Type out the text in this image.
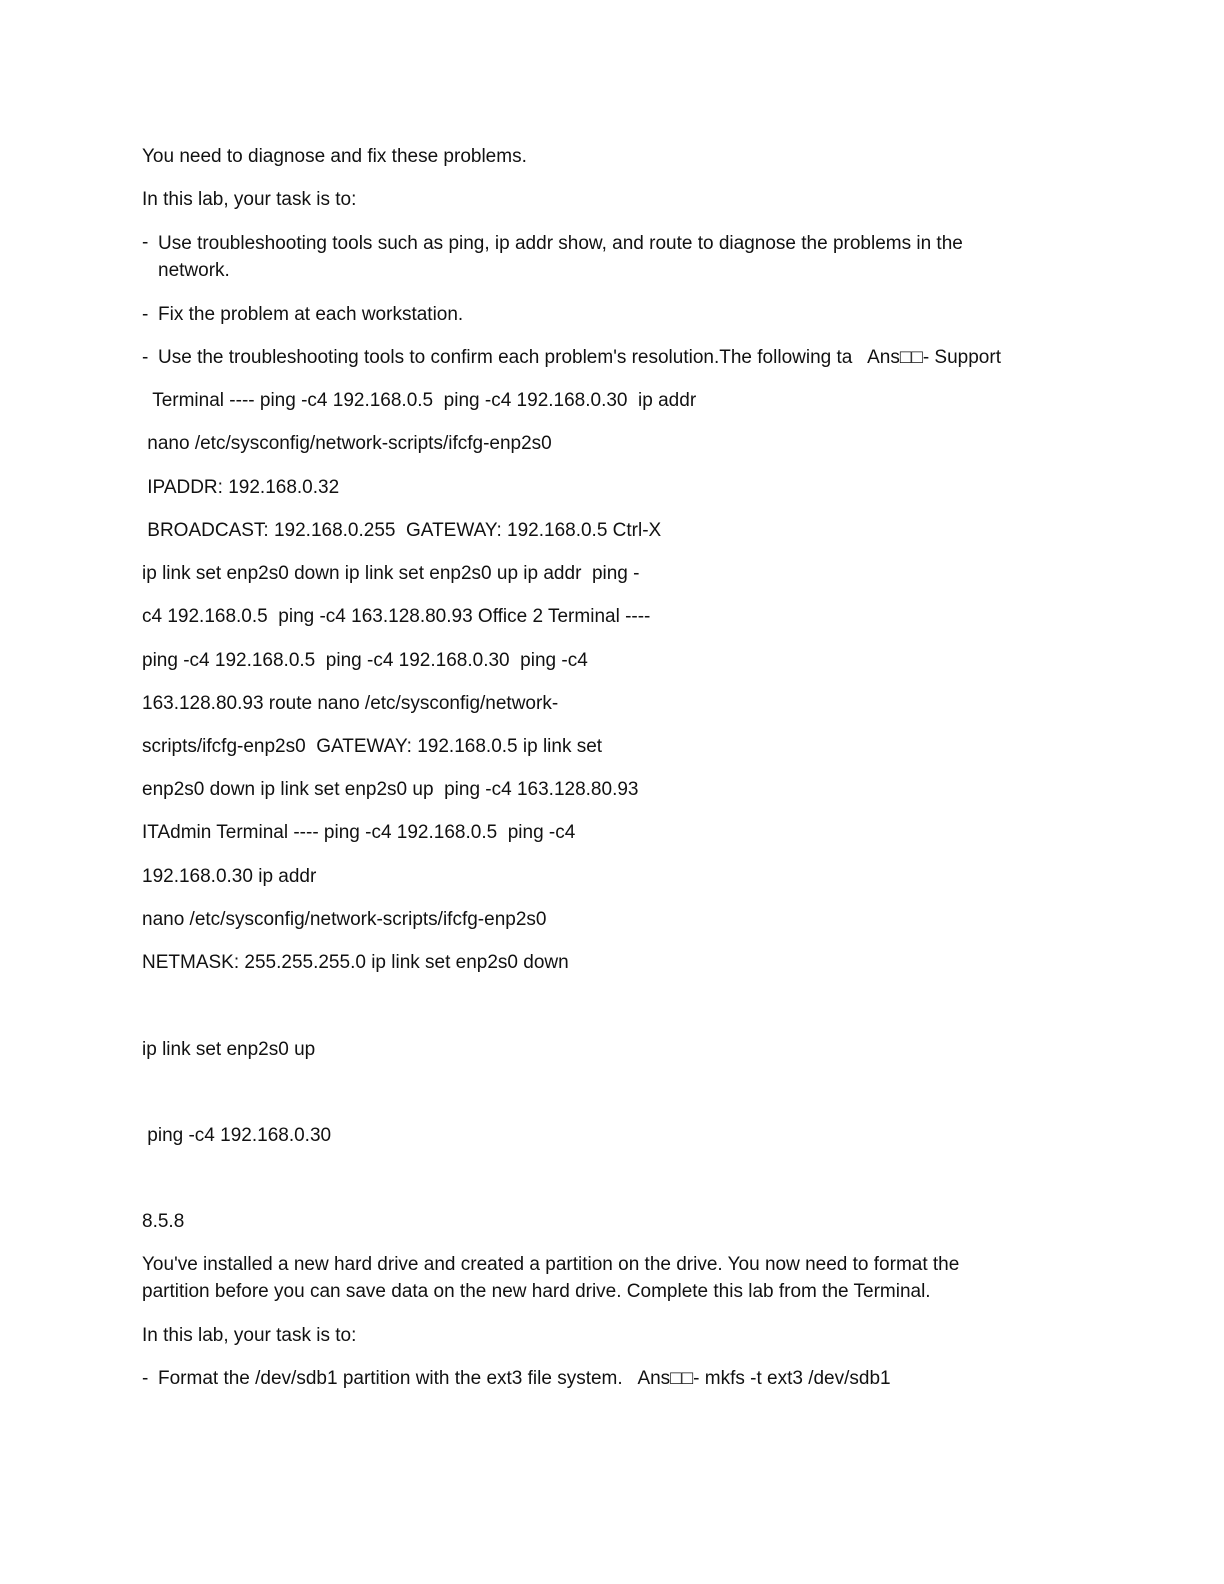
You need to diagnose and fix these problems.
In this lab, your task is to:
- Use troubleshooting tools such as ping, ip addr show, and route to diagnose the problems in the network.
- Fix the problem at each workstation.
- Use the troubleshooting tools to confirm each problem's resolution.The following ta   Ans□□- Support
Terminal ---- ping -c4 192.168.0.5  ping -c4 192.168.0.30  ip addr
nano /etc/sysconfig/network-scripts/ifcfg-enp2s0
IPADDR: 192.168.0.32
BROADCAST: 192.168.0.255  GATEWAY: 192.168.0.5 Ctrl-X
ip link set enp2s0 down ip link set enp2s0 up ip addr  ping -
c4 192.168.0.5  ping -c4 163.128.80.93 Office 2 Terminal ----
ping -c4 192.168.0.5  ping -c4 192.168.0.30  ping -c4
163.128.80.93 route nano /etc/sysconfig/network-
scripts/ifcfg-enp2s0  GATEWAY: 192.168.0.5 ip link set
enp2s0 down ip link set enp2s0 up  ping -c4 163.128.80.93
ITAdmin Terminal ---- ping -c4 192.168.0.5  ping -c4
192.168.0.30 ip addr
nano /etc/sysconfig/network-scripts/ifcfg-enp2s0
NETMASK: 255.255.255.0 ip link set enp2s0 down
ip link set enp2s0 up
ping -c4 192.168.0.30
8.5.8
You've installed a new hard drive and created a partition on the drive. You now need to format the partition before you can save data on the new hard drive. Complete this lab from the Terminal.
In this lab, your task is to:
- Format the /dev/sdb1 partition with the ext3 file system.   Ans□□- mkfs -t ext3 /dev/sdb1
